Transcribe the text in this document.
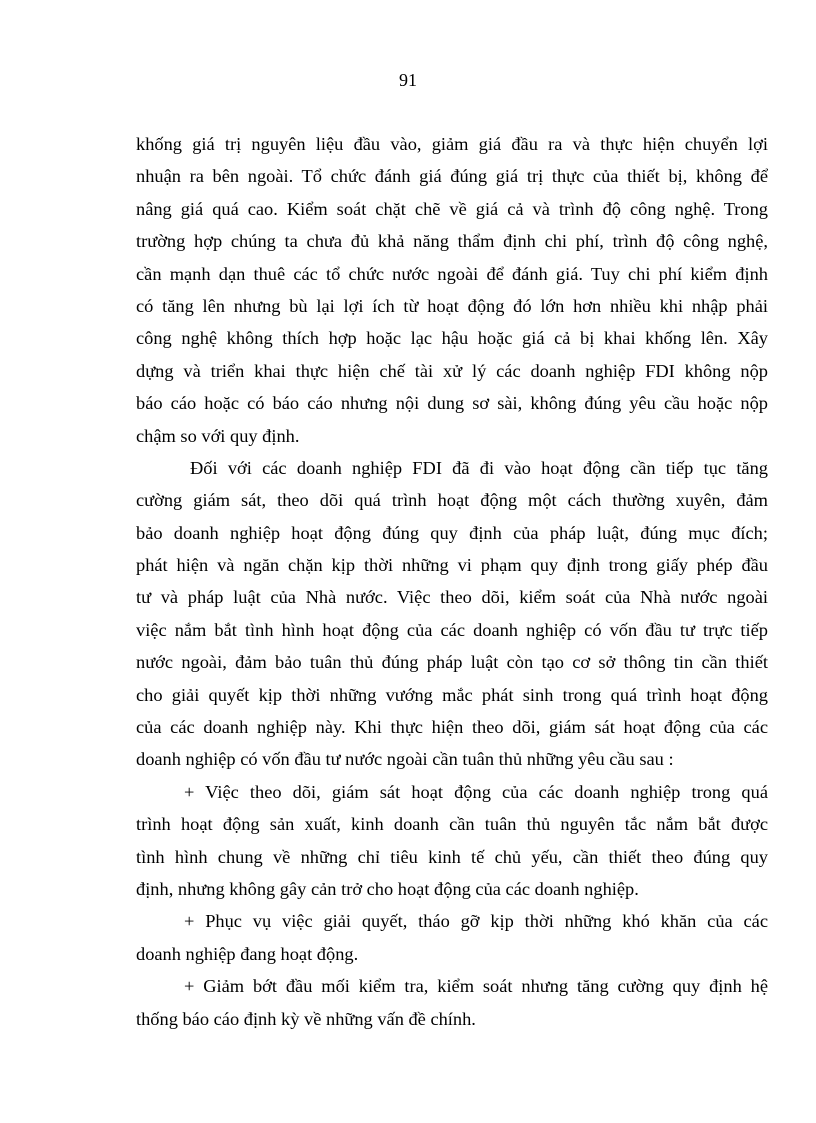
91
khống giá trị nguyên liệu đầu vào, giảm giá đầu ra và thực hiện chuyển lợi
nhuận ra bên ngoài. Tổ chức đánh giá đúng giá trị thực của thiết bị, không để
nâng giá quá cao. Kiểm soát chặt chẽ về giá cả và trình độ công nghệ. Trong
trường hợp chúng ta chưa đủ khả năng thẩm định chi phí, trình độ công nghệ,
cần mạnh dạn thuê các tổ chức nước ngoài để đánh giá. Tuy chi phí kiểm định
có tăng lên nhưng bù lại lợi ích từ hoạt động đó lớn hơn nhiều khi nhập phải
công nghệ không thích hợp hoặc lạc hậu hoặc giá cả bị khai khống lên. Xây
dựng và triển khai thực hiện chế tài xử lý các doanh nghiệp FDI không nộp
báo cáo hoặc có báo cáo nhưng nội dung sơ sài, không đúng yêu cầu hoặc nộp
chậm so với quy định.
Đối với các doanh nghiệp FDI đã đi vào hoạt động cần tiếp tục tăng
cường giám sát, theo dõi quá trình hoạt động một cách thường xuyên, đảm
bảo doanh nghiệp hoạt động đúng quy định của pháp luật, đúng mục đích;
phát hiện và ngăn chặn kịp thời những vi phạm quy định trong giấy phép đầu
tư và pháp luật của Nhà nước. Việc theo dõi, kiểm soát của Nhà nước ngoài
việc nắm bắt tình hình hoạt động của các doanh nghiệp có vốn đầu tư trực tiếp
nước ngoài, đảm bảo tuân thủ đúng pháp luật còn tạo cơ sở thông tin cần thiết
cho giải quyết kịp thời những vướng mắc phát sinh trong quá trình hoạt động
của các doanh nghiệp này. Khi thực hiện theo dõi, giám sát hoạt động của các
doanh nghiệp có vốn đầu tư nước ngoài cần tuân thủ những yêu cầu sau :
+ Việc theo dõi, giám sát hoạt động của các doanh nghiệp trong quá
trình hoạt động sản xuất, kinh doanh cần tuân thủ nguyên tắc nắm bắt được
tình hình chung về những chỉ tiêu kinh tế chủ yếu, cần thiết theo đúng quy
định, nhưng không gây cản trở cho hoạt động của các doanh nghiệp.
+ Phục vụ việc giải quyết, tháo gỡ kịp thời những khó khăn của các
doanh nghiệp đang hoạt động.
+ Giảm bớt đầu mối kiểm tra, kiểm soát nhưng tăng cường quy định hệ
thống báo cáo định kỳ về những vấn đề chính.
